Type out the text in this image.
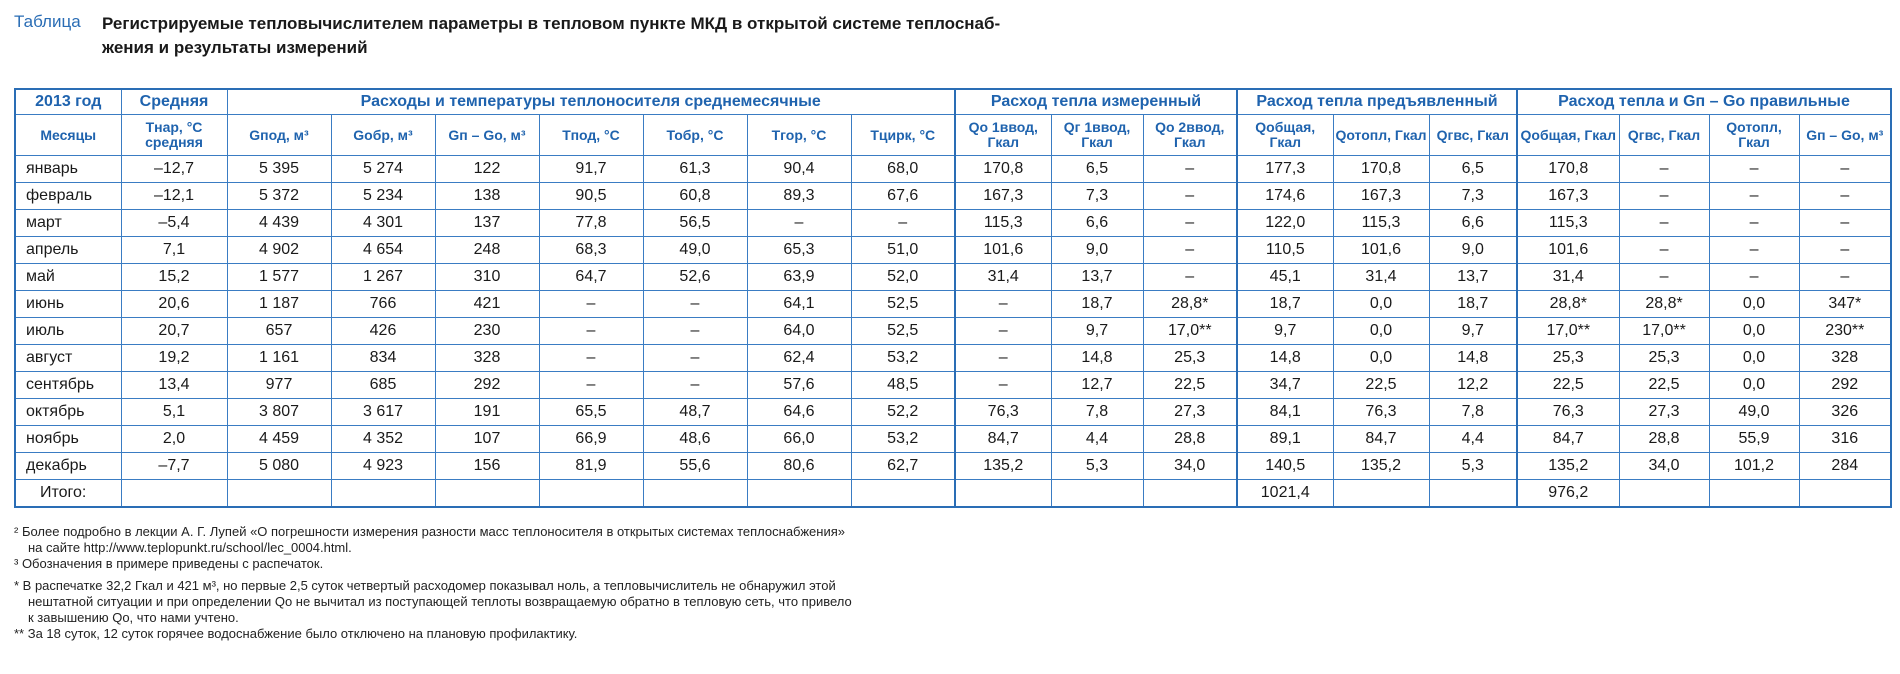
Таблица Регистрируемые тепловычислителем параметры в тепловом пункте МКД в открытой системе теплоснаб-
жения и результаты измерений
2013 год	Средняя	Расходы и температуры теплоносителя среднемесячные							Расход тепла измеренный			Расход тепла предъявленный			Расход тепла и Gп – Gо правильные			
Месяцы	Тнар, °С средняя	Gпод, м³	Gобр, м³	Gп – Gо, м³	Тпод, °С	Тобр, °С	Тгор, °С	Тцирк, °С	Qо 1ввод, Гкал	Qг 1ввод, Гкал	Qо 2ввод, Гкал	Qобщая, Гкал	Qотопл, Гкал	Qгвс, Гкал	Qобщая, Гкал	Qгвс, Гкал	Qотопл, Гкал	Gп – Gо, м³
январь	–12,7	5 395	5 274	122	91,7	61,3	90,4	68,0	170,8	6,5	–	177,3	170,8	6,5	170,8	–	–	–
февраль	–12,1	5 372	5 234	138	90,5	60,8	89,3	67,6	167,3	7,3	–	174,6	167,3	7,3	167,3	–	–	–
март	–5,4	4 439	4 301	137	77,8	56,5	–	–	115,3	6,6	–	122,0	115,3	6,6	115,3	–	–	–
апрель	7,1	4 902	4 654	248	68,3	49,0	65,3	51,0	101,6	9,0	–	110,5	101,6	9,0	101,6	–	–	–
май	15,2	1 577	1 267	310	64,7	52,6	63,9	52,0	31,4	13,7	–	45,1	31,4	13,7	31,4	–	–	–
июнь	20,6	1 187	766	421	–	–	64,1	52,5	–	18,7	28,8*	18,7	0,0	18,7	28,8*	28,8*	0,0	347*
июль	20,7	657	426	230	–	–	64,0	52,5	–	9,7	17,0**	9,7	0,0	9,7	17,0**	17,0**	0,0	230**
август	19,2	1 161	834	328	–	–	62,4	53,2	–	14,8	25,3	14,8	0,0	14,8	25,3	25,3	0,0	328
сентябрь	13,4	977	685	292	–	–	57,6	48,5	–	12,7	22,5	34,7	22,5	12,2	22,5	22,5	0,0	292
октябрь	5,1	3 807	3 617	191	65,5	48,7	64,6	52,2	76,3	7,8	27,3	84,1	76,3	7,8	76,3	27,3	49,0	326
ноябрь	2,0	4 459	4 352	107	66,9	48,6	66,0	53,2	84,7	4,4	28,8	89,1	84,7	4,4	84,7	28,8	55,9	316
декабрь	–7,7	5 080	4 923	156	81,9	55,6	80,6	62,7	135,2	5,3	34,0	140,5	135,2	5,3	135,2	34,0	101,2	284
Итого:												1021,4			976,2			
² Более подробно в лекции А. Г. Лупей «О погрешности измерения разности масс теплоносителя в открытых системах теплоснабжения»
на сайте http://www.teplopunkt.ru/school/lec_0004.html.
³ Обозначения в примере приведены с распечаток.
* В распечатке 32,2 Гкал и 421 м³, но первые 2,5 суток четвертый расходомер показывал ноль, а тепловычислитель не обнаружил этой
нештатной ситуации и при определении Qо не вычитал из поступающей теплоты возвращаемую обратно в тепловую сеть, что привело
к завышению Qо, что нами учтено.
** За 18 суток, 12 суток горячее водоснабжение было отключено на плановую профилактику.
